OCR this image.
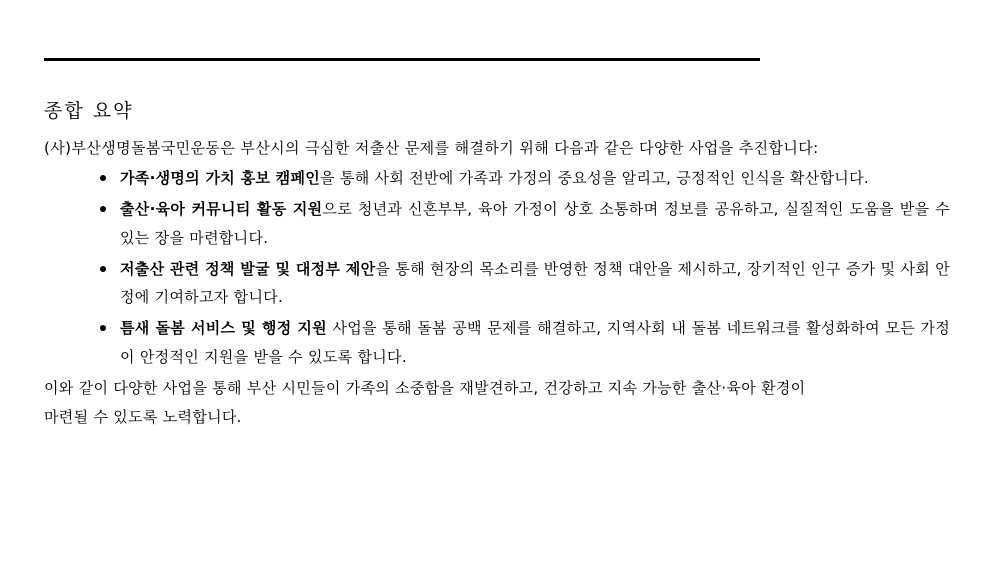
종합 요약

(사)부산생명돌봄국민운동은 부산시의 극심한 저출산 문제를 해결하기 위해 다음과 같은 다양한 사업을 추진합니다:

가족·생명의 가치 홍보 캠페인을 통해 사회 전반에 가족과 가정의 중요성을 알리고, 긍정적인 인식을 확산합니다.
출산·육아 커뮤니티 활동 지원으로 청년과 신혼부부, 육아 가정이 상호 소통하며 정보를 공유하고, 실질적인 도움을 받을 수 있는 장을 마련합니다.
저출산 관련 정책 발굴 및 대정부 제안을 통해 현장의 목소리를 반영한 정책 대안을 제시하고, 장기적인 인구 증가 및 사회 안정에 기여하고자 합니다.
틈새 돌봄 서비스 및 행정 지원 사업을 통해 돌봄 공백 문제를 해결하고, 지역사회 내 돌봄 네트워크를 활성화하여 모든 가정이 안정적인 지원을 받을 수 있도록 합니다.

이와 같이 다양한 사업을 통해 부산 시민들이 가족의 소중함을 재발견하고, 건강하고 지속 가능한 출산·육아 환경이
마련될 수 있도록 노력합니다.
